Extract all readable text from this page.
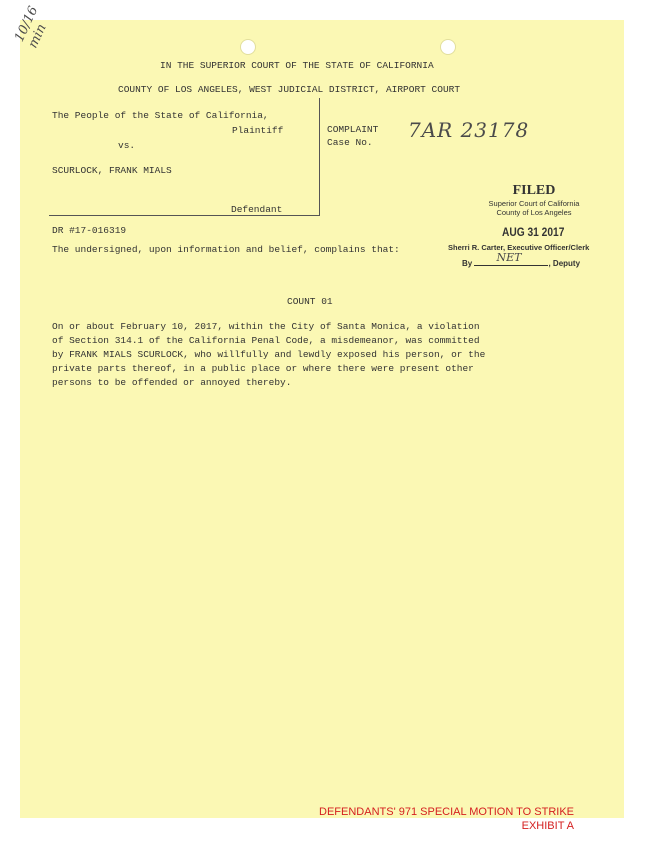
10/16 min
IN THE SUPERIOR COURT OF THE STATE OF CALIFORNIA
COUNTY OF LOS ANGELES, WEST JUDICIAL DISTRICT, AIRPORT COURT
The People of the State of California,
Plaintiff
vs.
SCURLOCK, FRANK MIALS
Defendant
COMPLAINT
Case No.
7AR 23178
DR #17-016319
The undersigned, upon information and belief, complains that:
FILED
Superior Court of California
County of Los Angeles
AUG 31 2017
Sherri R. Carter, Executive Officer/Clerk
By NET	, Deputy
COUNT 01
On or about February 10, 2017, within the City of Santa Monica, a violation
of Section 314.1 of the California Penal Code, a misdemeanor, was committed
by FRANK MIALS SCURLOCK, who willfully and lewdly exposed his person, or the
private parts thereof, in a public place or where there were present other
persons to be offended or annoyed thereby.
DEFENDANTS' 971 SPECIAL MOTION TO STRIKE
EXHIBIT A
